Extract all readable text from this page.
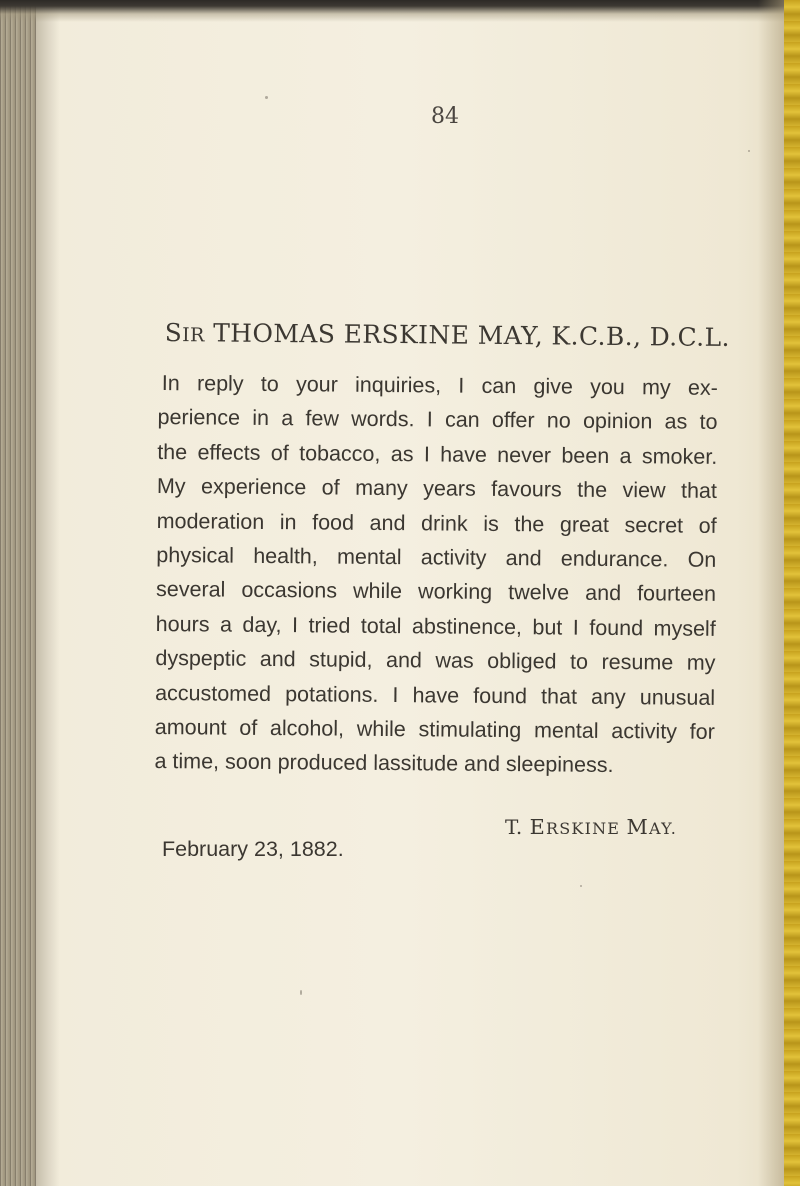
84
SIR THOMAS ERSKINE MAY, K.C.B., D.C.L.
In reply to your inquiries, I can give you my ex-
perience in a few words. I can offer no opinion as to
the effects of tobacco, as I have never been a smoker.
My experience of many years favours the view that
moderation in food and drink is the great secret of
physical health, mental activity and endurance. On
several occasions while working twelve and fourteen
hours a day, I tried total abstinence, but I found myself
dyspeptic and stupid, and was obliged to resume my
accustomed potations. I have found that any unusual
amount of alcohol, while stimulating mental activity for
a time, soon produced lassitude and sleepiness.
T. ERSKINE MAY.
February 23, 1882.
